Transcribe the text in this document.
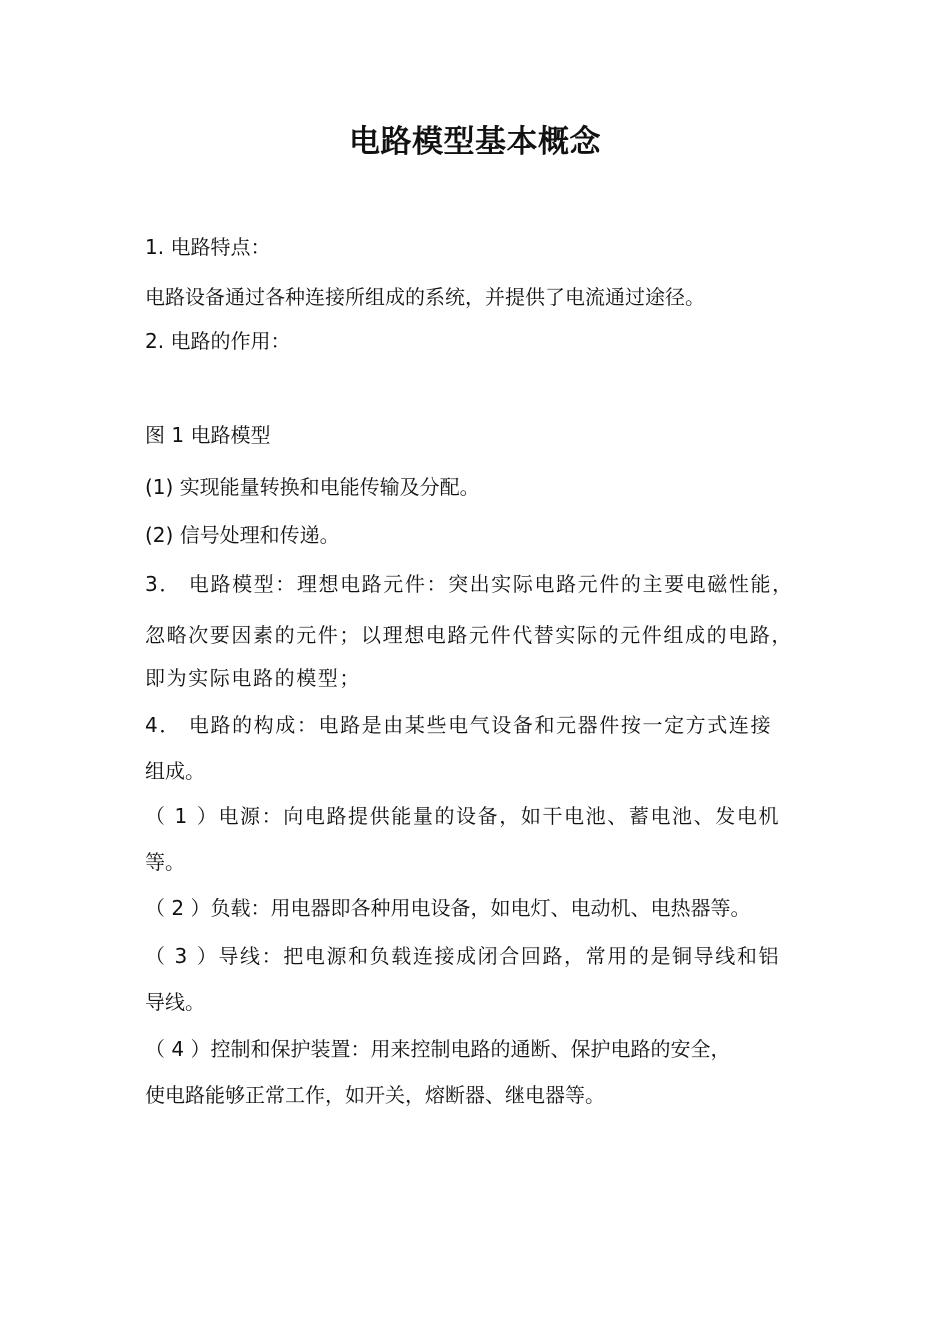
电路模型基本概念
1. 电路特点：
电路设备通过各种连接所组成的系统，并提供了电流通过途径。
2. 电路的作用：
图 1 电路模型
(1) 实现能量转换和电能传输及分配。
(2) 信号处理和传递。
3． 电路模型：理想电路元件：突出实际电路元件的主要电磁性能，
忽略次要因素的元件；以理想电路元件代替实际的元件组成的电路，
即为实际电路的模型；
4． 电路的构成：电路是由某些电气设备和元器件按一定方式连接
组成。
（ 1 ）电源：向电路提供能量的设备，如干电池、蓄电池、发电机
等。
（ 2 ）负载：用电器即各种用电设备，如电灯、电动机、电热器等。
（ 3 ）导线：把电源和负载连接成闭合回路，常用的是铜导线和铝
导线。
（ 4 ）控制和保护装置：用来控制电路的通断、保护电路的安全，
使电路能够正常工作，如开关，熔断器、继电器等。
